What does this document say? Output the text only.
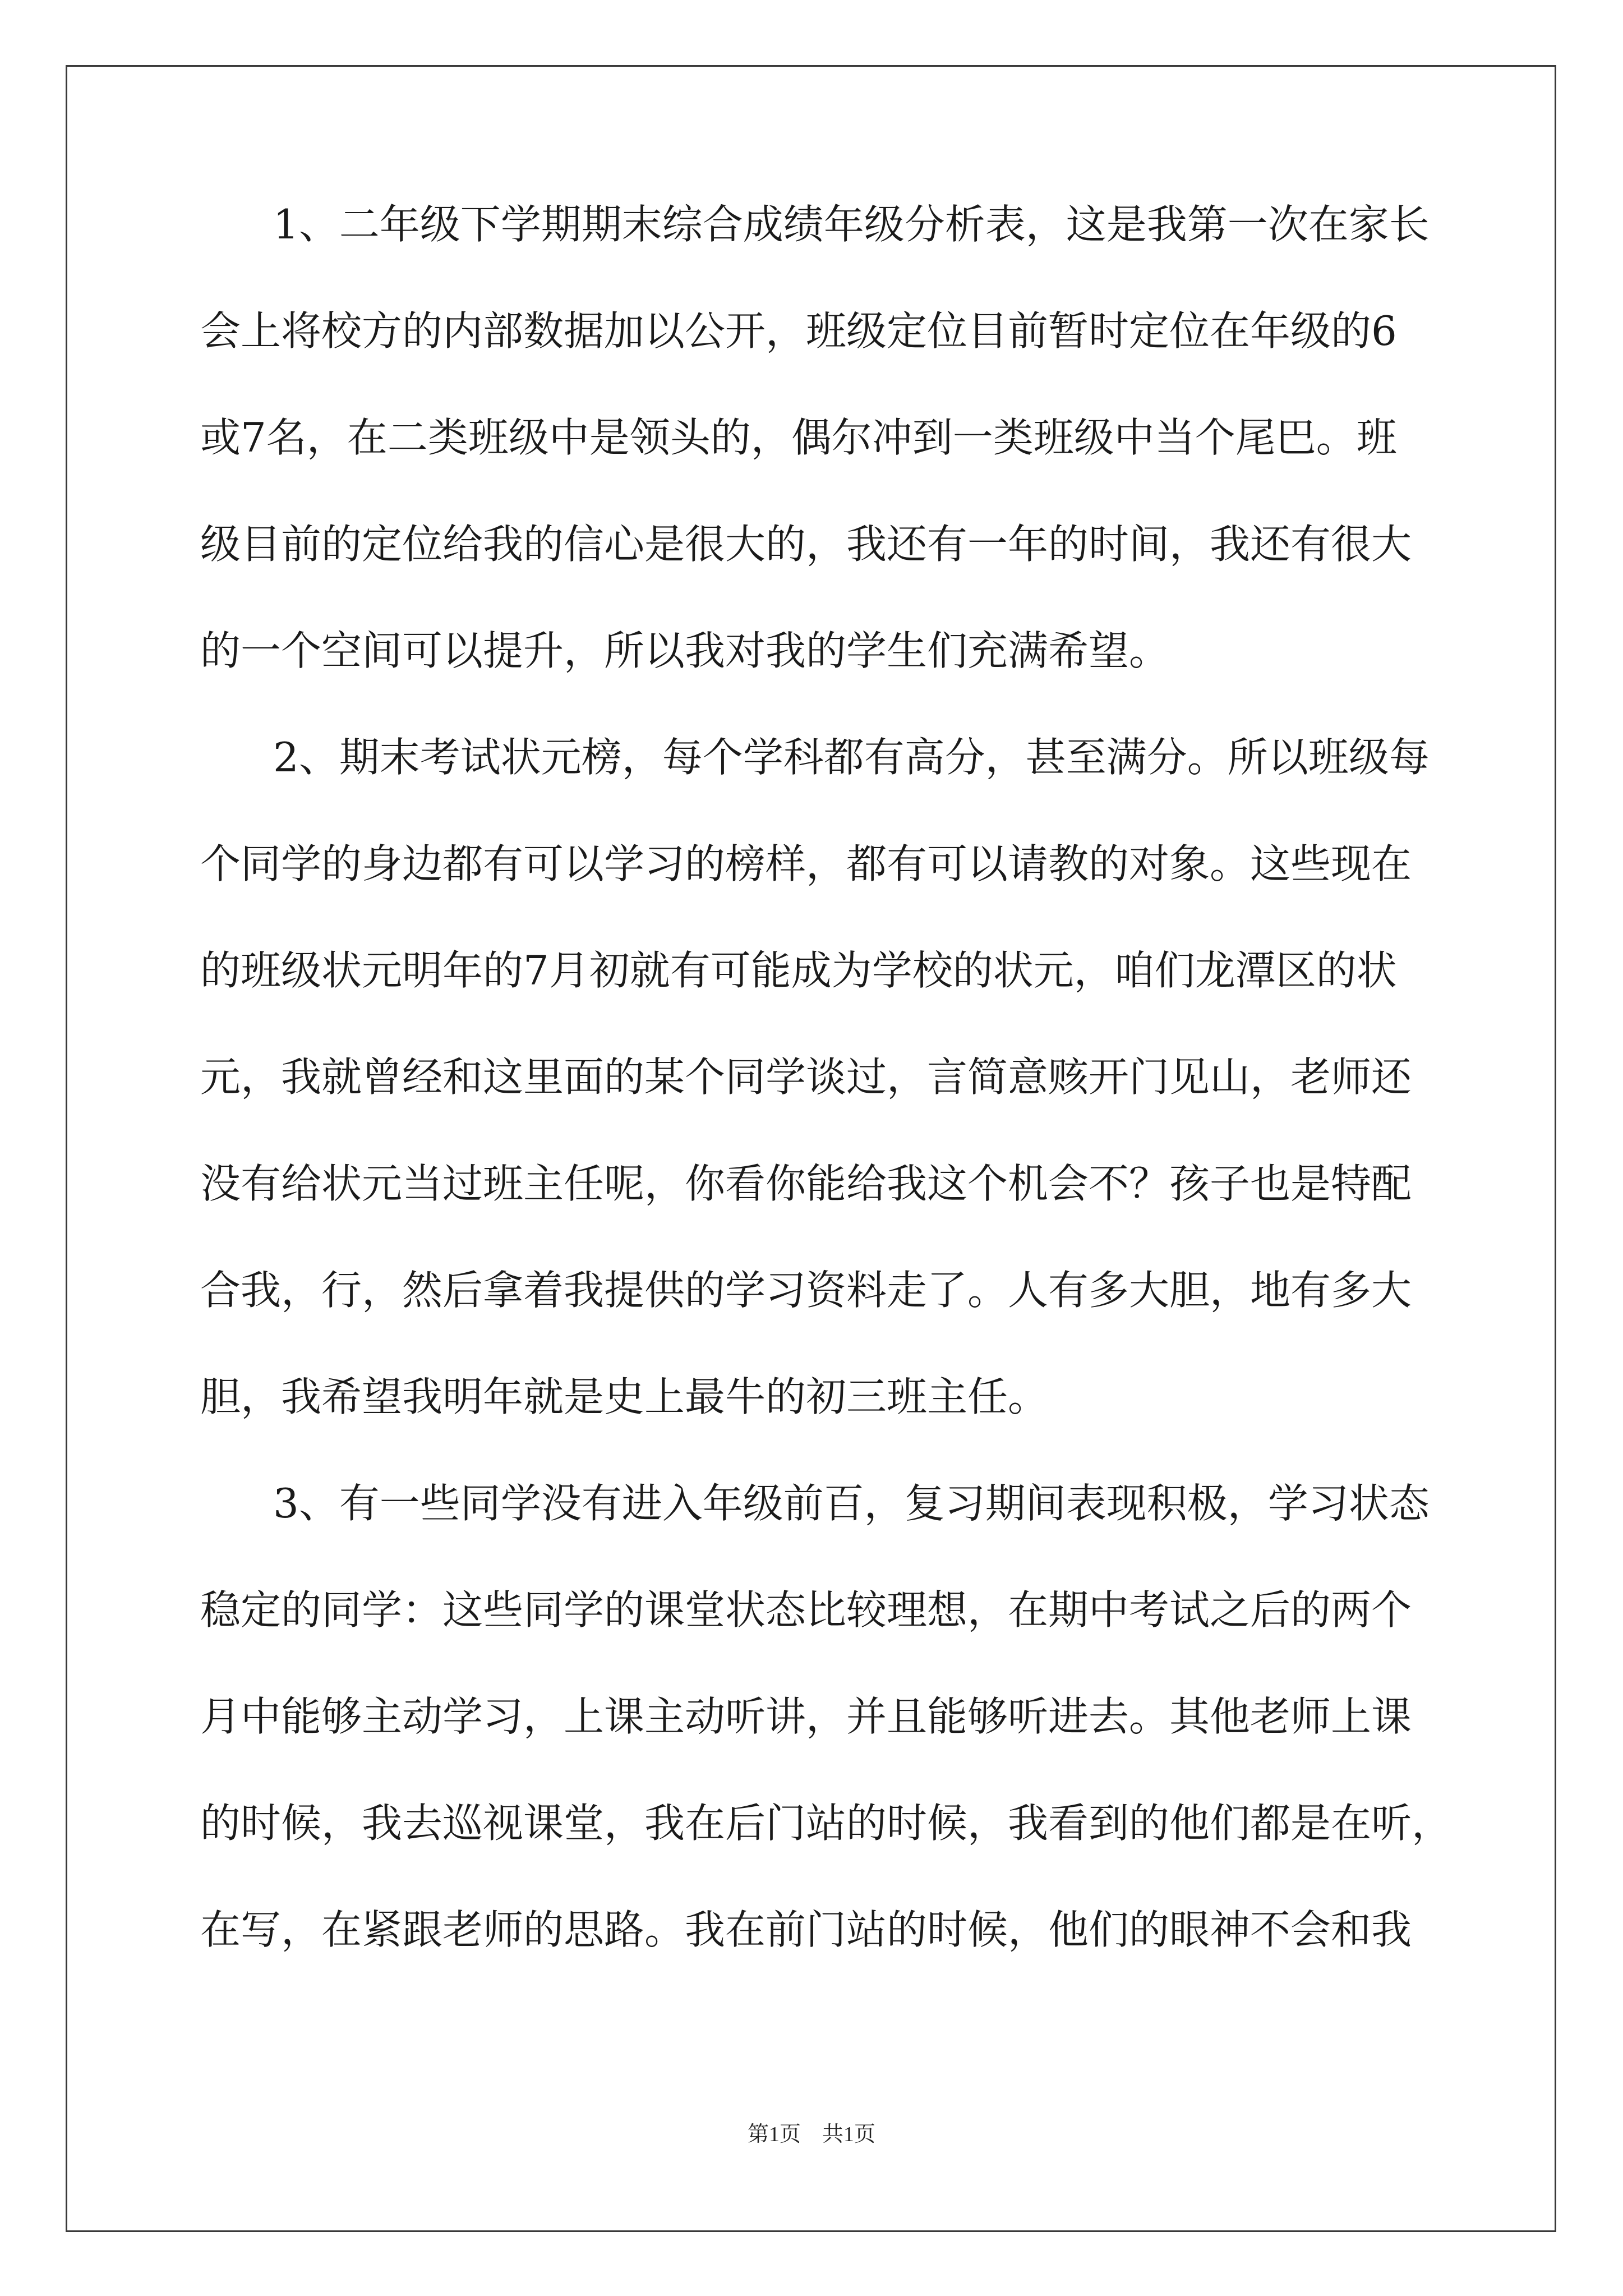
1、二年级下学期期末综合成绩年级分析表，这是我第一次在家长
会上将校方的内部数据加以公开，班级定位目前暂时定位在年级的6
或7名，在二类班级中是领头的，偶尔冲到一类班级中当个尾巴。班
级目前的定位给我的信心是很大的，我还有一年的时间，我还有很大
的一个空间可以提升，所以我对我的学生们充满希望。
2、期末考试状元榜，每个学科都有高分，甚至满分。所以班级每
个同学的身边都有可以学习的榜样，都有可以请教的对象。这些现在
的班级状元明年的7月初就有可能成为学校的状元，咱们龙潭区的状
元，我就曾经和这里面的某个同学谈过，言简意赅开门见山，老师还
没有给状元当过班主任呢，你看你能给我这个机会不？孩子也是特配
合我，行，然后拿着我提供的学习资料走了。人有多大胆，地有多大
胆，我希望我明年就是史上最牛的初三班主任。
3、有一些同学没有进入年级前百，复习期间表现积极，学习状态
稳定的同学：这些同学的课堂状态比较理想，在期中考试之后的两个
月中能够主动学习，上课主动听讲，并且能够听进去。其他老师上课
的时候，我去巡视课堂，我在后门站的时候，我看到的他们都是在听，
在写，在紧跟老师的思路。我在前门站的时候，他们的眼神不会和我
第1页　共1页
